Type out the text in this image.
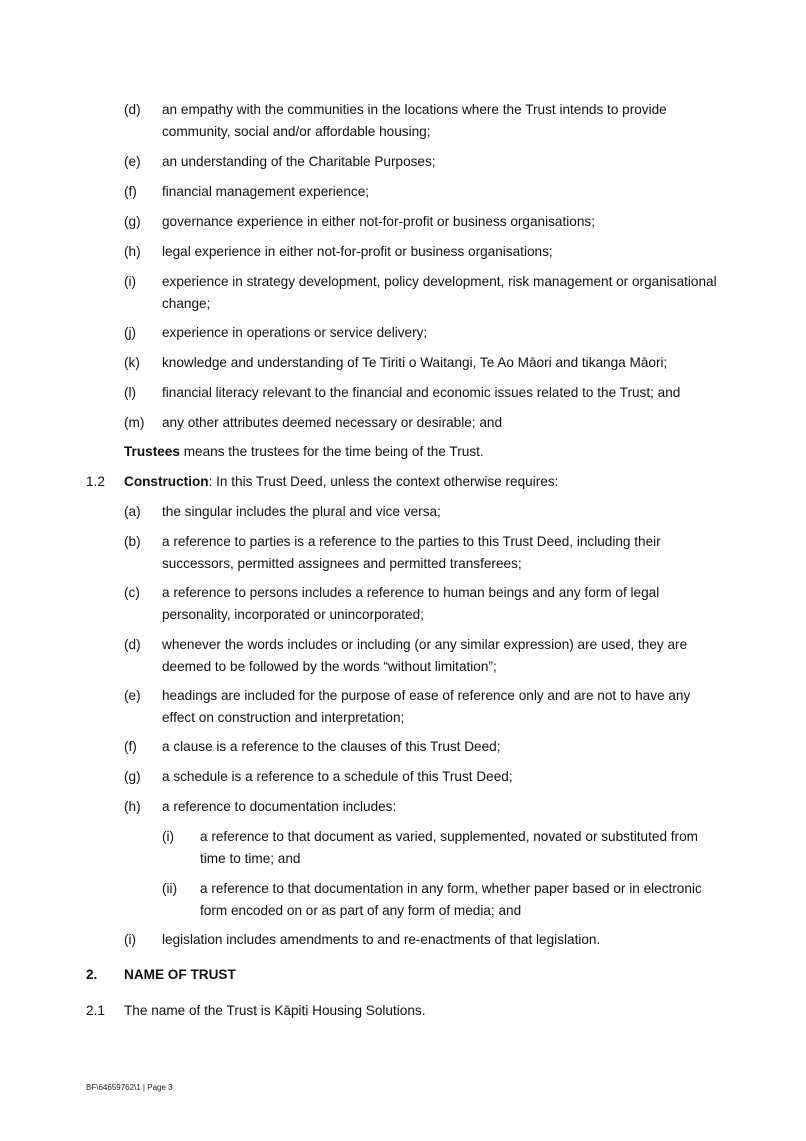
(d) an empathy with the communities in the locations where the Trust intends to provide
community, social and/or affordable housing;
(e) an understanding of the Charitable Purposes;
(f) financial management experience;
(g) governance experience in either not-for-profit or business organisations;
(h) legal experience in either not-for-profit or business organisations;
(i) experience in strategy development, policy development, risk management or organisational
change;
(j) experience in operations or service delivery;
(k) knowledge and understanding of Te Tiriti o Waitangi, Te Ao Māori and tikanga Māori;
(l) financial literacy relevant to the financial and economic issues related to the Trust; and
(m) any other attributes deemed necessary or desirable; and
Trustees means the trustees for the time being of the Trust.
1.2 Construction: In this Trust Deed, unless the context otherwise requires:
(a) the singular includes the plural and vice versa;
(b) a reference to parties is a reference to the parties to this Trust Deed, including their
successors, permitted assignees and permitted transferees;
(c) a reference to persons includes a reference to human beings and any form of legal
personality, incorporated or unincorporated;
(d) whenever the words includes or including (or any similar expression) are used, they are
deemed to be followed by the words “without limitation”;
(e) headings are included for the purpose of ease of reference only and are not to have any
effect on construction and interpretation;
(f) a clause is a reference to the clauses of this Trust Deed;
(g) a schedule is a reference to a schedule of this Trust Deed;
(h) a reference to documentation includes:
(i) a reference to that document as varied, supplemented, novated or substituted from
time to time; and
(ii) a reference to that documentation in any form, whether paper based or in electronic
form encoded on or as part of any form of media; and
(i) legislation includes amendments to and re-enactments of that legislation.
2. NAME OF TRUST
2.1 The name of the Trust is Kāpiti Housing Solutions.
BF\64659762\1 | Page 3
